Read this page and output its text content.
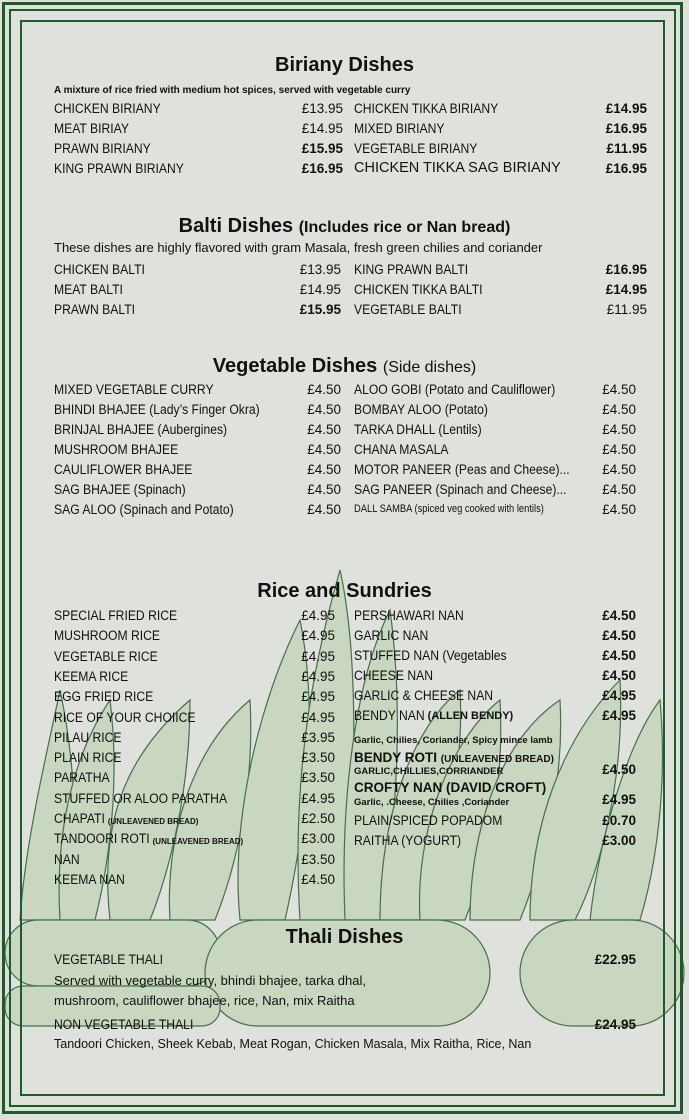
Biriany Dishes
A mixture of rice fried with medium hot spices, served with vegetable curry
CHICKEN BIRIANY	£13.95
MEAT BIRIAY	£14.95
PRAWN BIRIANY	£15.95
KING PRAWN BIRIANY	£16.95
CHICKEN TIKKA BIRIANY	£14.95
MIXED BIRIANY	£16.95
VEGETABLE BIRIANY	£11.95
CHICKEN TIKKA SAG BIRIANY	£16.95
Balti Dishes (Includes rice or Nan bread)
These dishes are highly flavored with gram Masala, fresh green chilies and coriander
CHICKEN BALTI	£13.95
MEAT BALTI	£14.95
PRAWN BALTI	£15.95
KING PRAWN BALTI	£16.95
CHICKEN TIKKA BALTI	£14.95
VEGETABLE BALTI	£11.95
Vegetable Dishes (Side dishes)
MIXED VEGETABLE CURRY	£4.50
BHINDI BHAJEE (Lady’s Finger Okra)	£4.50
BRINJAL BHAJEE (Aubergines)	£4.50
MUSHROOM BHAJEE	£4.50
CAULIFLOWER BHAJEE	£4.50
SAG BHAJEE (Spinach)	£4.50
SAG ALOO (Spinach and Potato)	£4.50
ALOO GOBI (Potato and Cauliflower)	£4.50
BOMBAY ALOO (Potato)	£4.50
TARKA DHALL (Lentils)	£4.50
CHANA MASALA	£4.50
MOTOR PANEER (Peas and Cheese)... £4.50
SAG PANEER (Spinach and Cheese)...	£4.50
DALL SAMBA (spiced veg cooked with lentils)	£4.50
Rice and Sundries
SPECIAL FRIED RICE	£4.95
MUSHROOM RICE	£4.95
VEGETABLE RICE	£4.95
KEEMA RICE	£4.95
EGG FRIED RICE	£4.95
RICE OF YOUR CHOIICE	£4.95
PILAU RICE	£3.95
PLAIN RICE	£3.50
PARATHA	£3.50
STUFFED OR ALOO PARATHA	£4.95
CHAPATI (UNLEAVENED BREAD)	£2.50
TANDOORI ROTI (UNLEAVENED BREAD)	£3.00
NAN	£3.50
KEEMA NAN	£4.50
PERSHAWARI NAN	£4.50
GARLIC NAN	£4.50
STUFFED NAN (Vegetables	£4.50
CHEESE NAN	£4.50
GARLIC & CHEESE NAN	£4.95
BENDY NAN (ALLEN BENDY)	£4.95
Garlic, Chilies, Coriander, Spicy mince lamb
BENDY ROTI (UNLEAVENED BREAD)
GARLIC,CHILLIES,CORRIANDER	£4.50
CROFTY NAN (DAVID CROFT)
Garlic, .Cheese, Chilies ,Coriander	£4.95
PLAIN/SPICED POPADOM	£0.70
RAITHA (YOGURT)	£3.00
Thali Dishes
VEGETABLE THALI	£22.95
Served with vegetable curry, bhindi bhajee, tarka dhal,
mushroom, cauliflower bhajee, rice, Nan, mix Raitha
NON VEGETABLE THALI	£24.95
Tandoori Chicken, Sheek Kebab, Meat Rogan, Chicken Masala, Mix Raitha, Rice, Nan
